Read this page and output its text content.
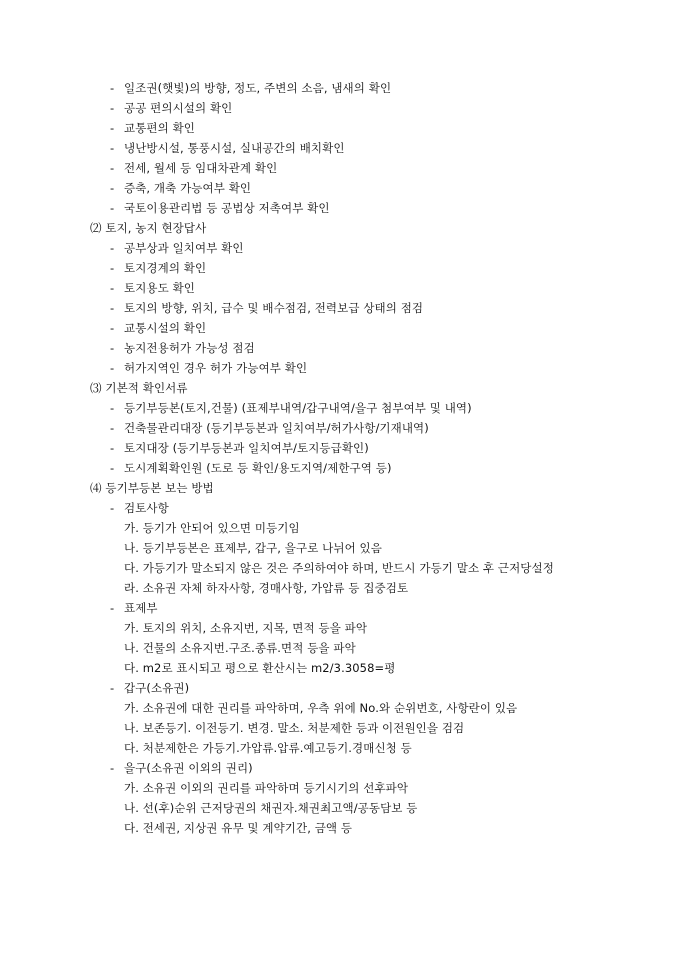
- 일조권(햇빛)의 방향, 정도, 주변의 소음, 냄새의 확인
- 공공 편의시설의 확인
- 교통편의 확인
- 냉난방시설, 통풍시설, 실내공간의 배치확인
- 전세, 월세 등 임대차관계 확인
- 증축, 개축 가능여부 확인
- 국토이용관리법 등 공법상 저촉여부 확인
⑵ 토지, 농지 현장답사
- 공부상과 일치여부 확인
- 토지경계의 확인
- 토지용도 확인
- 토지의 방향, 위치, 급수 및 배수점검, 전력보급 상태의 점검
- 교통시설의 확인
- 농지전용허가 가능성 점검
- 허가지역인 경우 허가 가능여부 확인
⑶ 기본적 확인서류
- 등기부등본(토지,건물) (표제부내역/갑구내역/을구 첨부여부 및 내역)
- 건축물관리대장 (등기부등본과 일치여부/허가사항/기재내역)
- 토지대장 (등기부등본과 일치여부/토지등급확인)
- 도시계획확인원 (도로 등 확인/용도지역/제한구역 등)
⑷ 등기부등본 보는 방법
- 검토사항
가. 등기가 안되어 있으면 미등기임
나. 등기부등본은 표제부, 갑구, 을구로 나뉘어 있음
다. 가등기가 말소되지 않은 것은 주의하여야 하며, 반드시 가등기 말소 후 근저당설정
라. 소유권 자체 하자사항, 경매사항, 가압류 등 집중검토
- 표제부
가. 토지의 위치, 소유지번, 지목, 면적 등을 파악
나. 건물의 소유지번.구조.종류.면적 등을 파악
다. m2로 표시되고 평으로 환산시는 m2/3.3058=평
- 갑구(소유권)
가. 소유권에 대한 권리를 파악하며, 우측 위에 No.와 순위번호, 사항란이 있음
나. 보존등기. 이전등기. 변경. 말소. 처분제한 등과 이전원인을 검검
다. 처분제한은 가등기.가압류.압류.예고등기.경매신청 등
- 을구(소유권 이외의 권리)
가. 소유권 이외의 권리를 파악하며 등기시기의 선후파악
나. 선(후)순위 근저당권의 채권자.채권최고액/공동담보 등
다. 전세권, 지상권 유무 및 계약기간, 금액 등
